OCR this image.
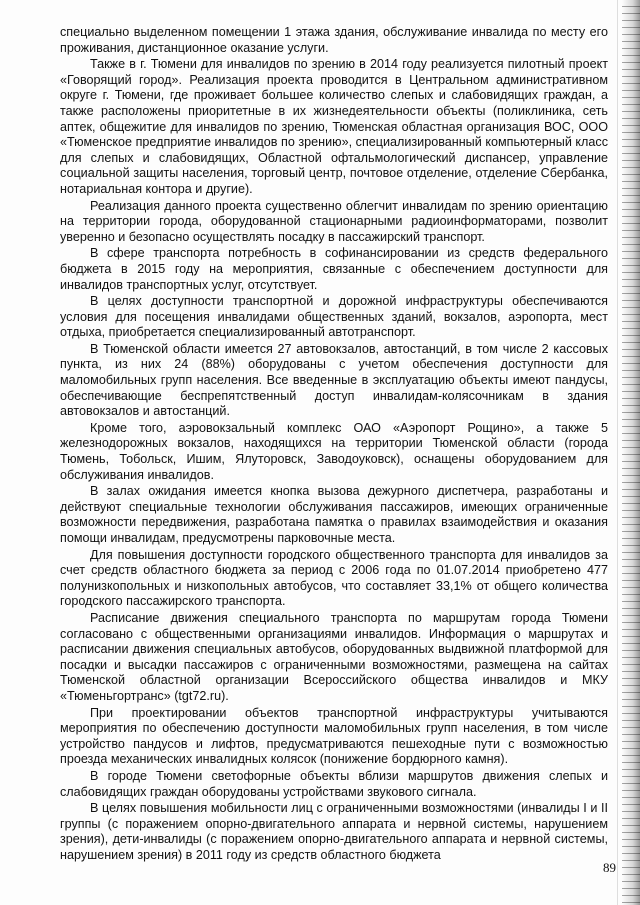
специально выделенном помещении 1 этажа здания, обслуживание инвалида по месту его проживания, дистанционное оказание услуги.

Также в г. Тюмени для инвалидов по зрению в 2014 году реализуется пилотный проект «Говорящий город». Реализация проекта проводится в Центральном административном округе г. Тюмени, где проживает большее количество слепых и слабовидящих граждан, а также расположены приоритетные в их жизнедеятельности объекты (поликлиника, сеть аптек, общежитие для инвалидов по зрению, Тюменская областная организация ВОС, ООО «Тюменское предприятие инвалидов по зрению», специализированный компьютерный класс для слепых и слабовидящих, Областной офтальмологический диспансер, управление социальной защиты населения, торговый центр, почтовое отделение, отделение Сбербанка, нотариальная контора и другие).

Реализация данного проекта существенно облегчит инвалидам по зрению ориентацию на территории города, оборудованной стационарными радиоинформаторами, позволит уверенно и безопасно осуществлять посадку в пассажирский транспорт.

В сфере транспорта потребность в софинансировании из средств федерального бюджета в 2015 году на мероприятия, связанные с обеспечением доступности для инвалидов транспортных услуг, отсутствует.

В целях доступности транспортной и дорожной инфраструктуры обеспечиваются условия для посещения инвалидами общественных зданий, вокзалов, аэропорта, мест отдыха, приобретается специализированный автотранспорт.

В Тюменской области имеется 27 автовокзалов, автостанций, в том числе 2 кассовых пункта, из них 24 (88%) оборудованы с учетом обеспечения доступности для маломобильных групп населения. Все введенные в эксплуатацию объекты имеют пандусы, обеспечивающие беспрепятственный доступ инвалидам-колясочникам в здания автовокзалов и автостанций.

Кроме того, аэровокзальный комплекс ОАО «Аэропорт Рощино», а также 5 железнодорожных вокзалов, находящихся на территории Тюменской области (города Тюмень, Тобольск, Ишим, Ялуторовск, Заводоуковск), оснащены оборудованием для обслуживания инвалидов.

В залах ожидания имеется кнопка вызова дежурного диспетчера, разработаны и действуют специальные технологии обслуживания пассажиров, имеющих ограниченные возможности передвижения, разработана памятка о правилах взаимодействия и оказания помощи инвалидам, предусмотрены парковочные места.

Для повышения доступности городского общественного транспорта для инвалидов за счет средств областного бюджета за период с 2006 года по 01.07.2014 приобретено 477 полунизкопольных и низкопольных автобусов, что составляет 33,1% от общего количества городского пассажирского транспорта.

Расписание движения специального транспорта по маршрутам города Тюмени согласовано с общественными организациями инвалидов. Информация о маршрутах и расписании движения специальных автобусов, оборудованных выдвижной платформой для посадки и высадки пассажиров с ограниченными возможностями, размещена на сайтах Тюменской областной организации Всероссийского общества инвалидов и МКУ «Тюменьгортранс» (tgt72.ru).

При проектировании объектов транспортной инфраструктуры учитываются мероприятия по обеспечению доступности маломобильных групп населения, в том числе устройство пандусов и лифтов, предусматриваются пешеходные пути с возможностью проезда механических инвалидных колясок (понижение бордюрного камня).

В городе Тюмени светофорные объекты вблизи маршрутов движения слепых и слабовидящих граждан оборудованы устройствами звукового сигнала.

В целях повышения мобильности лиц с ограниченными возможностями (инвалиды I и II группы (с поражением опорно-двигательного аппарата и нервной системы, нарушением зрения), дети-инвалиды (с поражением опорно-двигательного аппарата и нервной системы, нарушением зрения) в 2011 году из средств областного бюджета

89
